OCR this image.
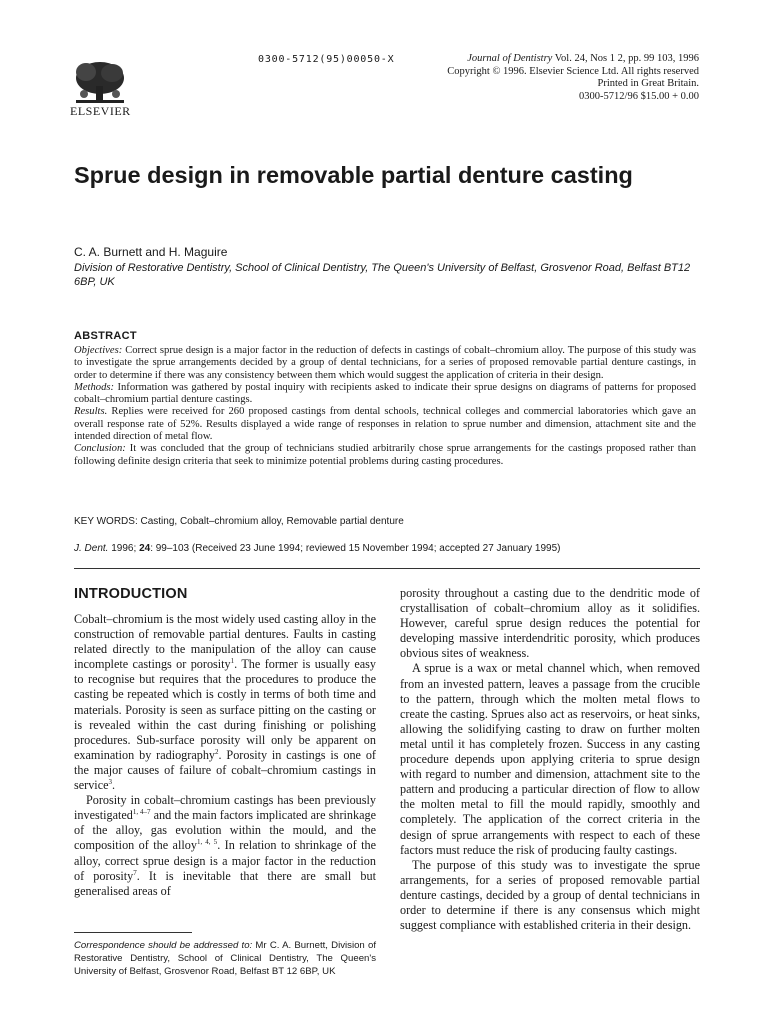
ELSEVIER
0300-5712(95)00050-X	Journal of Dentistry Vol. 24, Nos 1 2, pp. 99 103, 1996
Copyright © 1996. Elsevier Science Ltd. All rights reserved
Printed in Great Britain.
0300-5712/96 $15.00 + 0.00
Sprue design in removable partial denture casting
C. A. Burnett and H. Maguire
Division of Restorative Dentistry, School of Clinical Dentistry, The Queen's University of Belfast, Grosvenor Road, Belfast BT12 6BP, UK
ABSTRACT

Objectives: Correct sprue design is a major factor in the reduction of defects in castings of cobalt–chromium alloy. The purpose of this study was to investigate the sprue arrangements decided by a group of dental technicians, for a series of proposed removable partial denture castings, in order to determine if there was any consistency between them which would suggest the application of criteria in their design.

Methods: Information was gathered by postal inquiry with recipients asked to indicate their sprue designs on diagrams of patterns for proposed cobalt–chromium partial denture castings.

Results. Replies were received for 260 proposed castings from dental schools, technical colleges and commercial laboratories which gave an overall response rate of 52%. Results displayed a wide range of responses in relation to sprue number and dimension, attachment site and the intended direction of metal flow.

Conclusion: It was concluded that the group of technicians studied arbitrarily chose sprue arrangements for the castings proposed rather than following definite design criteria that seek to minimize potential problems during casting procedures.

KEY WORDS: Casting, Cobalt–chromium alloy, Removable partial denture
J. Dent. 1996; 24: 99–103 (Received 23 June 1994; reviewed 15 November 1994; accepted 27 January 1995)
INTRODUCTION

Cobalt–chromium is the most widely used casting alloy in the construction of removable partial dentures. Faults in casting related directly to the manipulation of the alloy can cause incomplete castings or porosity$^1$. The former is usually easy to recognise but requires that the procedures to produce the casting be repeated which is costly in terms of both time and materials. Porosity is seen as surface pitting on the casting or is revealed within the cast during finishing or polishing procedures. Sub-surface porosity will only be apparent on examination by radiography$^2$. Porosity in castings is one of the major causes of failure of cobalt–chromium castings in service$^3$.

Porosity in cobalt–chromium castings has been previously investigated$^{1, 4-7}$ and the main factors implicated are shrinkage of the alloy, gas evolution within the mould, and the composition of the alloy$^{1, 4, 5}$. In relation to shrinkage of the alloy, correct sprue design is a major factor in the reduction of porosity$^7$. It is inevitable that there are small but generalised areas of

porosity throughout a casting due to the dendritic mode of crystallisation of cobalt–chromium alloy as it solidifies. However, careful sprue design reduces the potential for developing massive interdendritic porosity, which produces obvious sites of weakness.

A sprue is a wax or metal channel which, when removed from an invested pattern, leaves a passage from the crucible to the pattern, through which the molten metal flows to create the casting. Sprues also act as reservoirs, or heat sinks, allowing the solidifying casting to draw on further molten metal until it has completely frozen. Success in any casting procedure depends upon applying criteria to sprue design with regard to number and dimension, attachment site to the pattern and producing a particular direction of flow to allow the molten metal to fill the mould rapidly, smoothly and completely. The application of the correct criteria in the design of sprue arrangements with respect to each of these factors must reduce the risk of producing faulty castings.

The purpose of this study was to investigate the sprue arrangements, for a series of proposed removable partial denture castings, decided by a group of dental technicians in order to determine if there is any consensus which might suggest compliance with established criteria in their design.

Correspondence should be addressed to: Mr C. A. Burnett, Division of Restorative Dentistry, School of Clinical Dentistry, The Queen's University of Belfast, Grosvenor Road, Belfast BT 12 6BP, UK
